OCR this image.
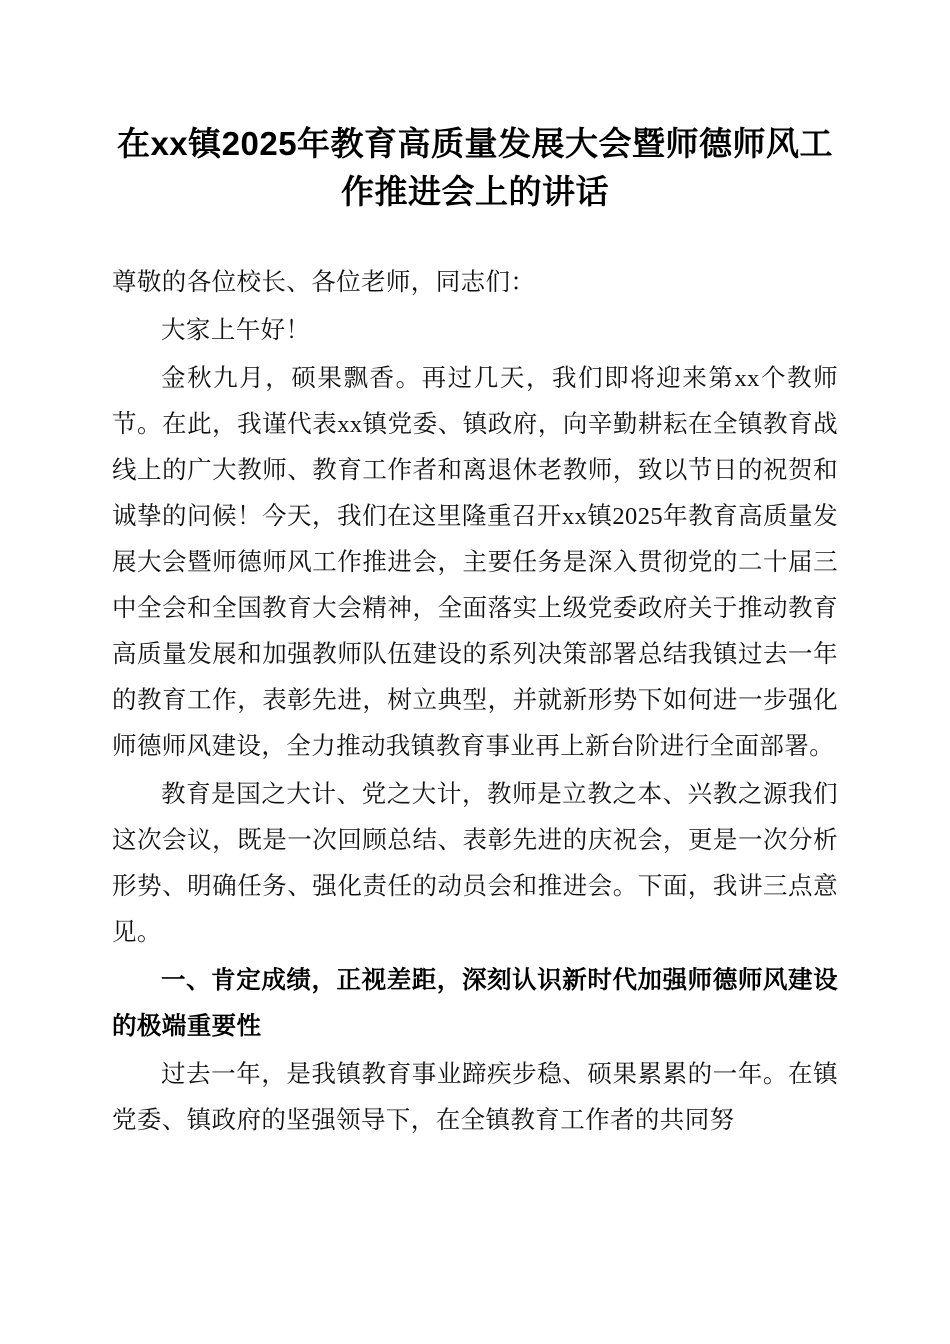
在xx镇2025年教育高质量发展大会暨师德师风工作推进会上的讲话

尊敬的各位校长、各位老师，同志们：

大家上午好！

金秋九月，硕果飘香。再过几天，我们即将迎来第xx个教师节。在此，我谨代表xx镇党委、镇政府，向辛勤耕耘在全镇教育战线上的广大教师、教育工作者和离退休老教师，致以节日的祝贺和诚挚的问候！今天，我们在这里隆重召开xx镇2025年教育高质量发展大会暨师德师风工作推进会，主要任务是深入贯彻党的二十届三中全会和全国教育大会精神，全面落实上级党委政府关于推动教育高质量发展和加强教师队伍建设的系列决策部署总结我镇过去一年的教育工作，表彰先进，树立典型，并就新形势下如何进一步强化师德师风建设，全力推动我镇教育事业再上新台阶进行全面部署。

教育是国之大计、党之大计，教师是立教之本、兴教之源我们这次会议，既是一次回顾总结、表彰先进的庆祝会，更是一次分析形势、明确任务、强化责任的动员会和推进会。下面，我讲三点意见。

一、肯定成绩，正视差距，深刻认识新时代加强师德师风建设的极端重要性

过去一年，是我镇教育事业蹄疾步稳、硕果累累的一年。在镇党委、镇政府的坚强领导下，在全镇教育工作者的共同努
